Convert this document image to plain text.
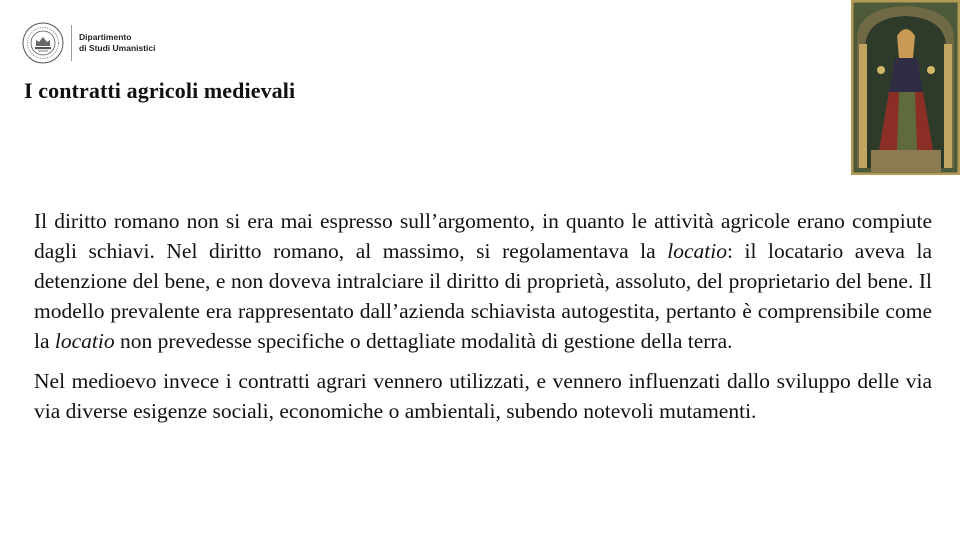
Dipartimento
di Studi Umanistici
I contratti agricoli medievali

Il diritto romano non si era mai espresso sull’argomento, in quanto le attività agricole erano compiute dagli schiavi. Nel diritto romano, al massimo, si regolamentava la locatio: il locatario aveva la detenzione del bene, e non doveva intralciare il diritto di proprietà, assoluto, del proprietario del bene. Il modello prevalente era rappresentato dall’azienda schiavista autogestita, pertanto è comprensibile come la locatio non prevedesse specifiche o dettagliate modalità di gestione della terra.

Nel medioevo invece i contratti agrari vennero utilizzati, e vennero influenzati dallo sviluppo delle via via diverse esigenze sociali, economiche o ambientali, subendo notevoli mutamenti.
